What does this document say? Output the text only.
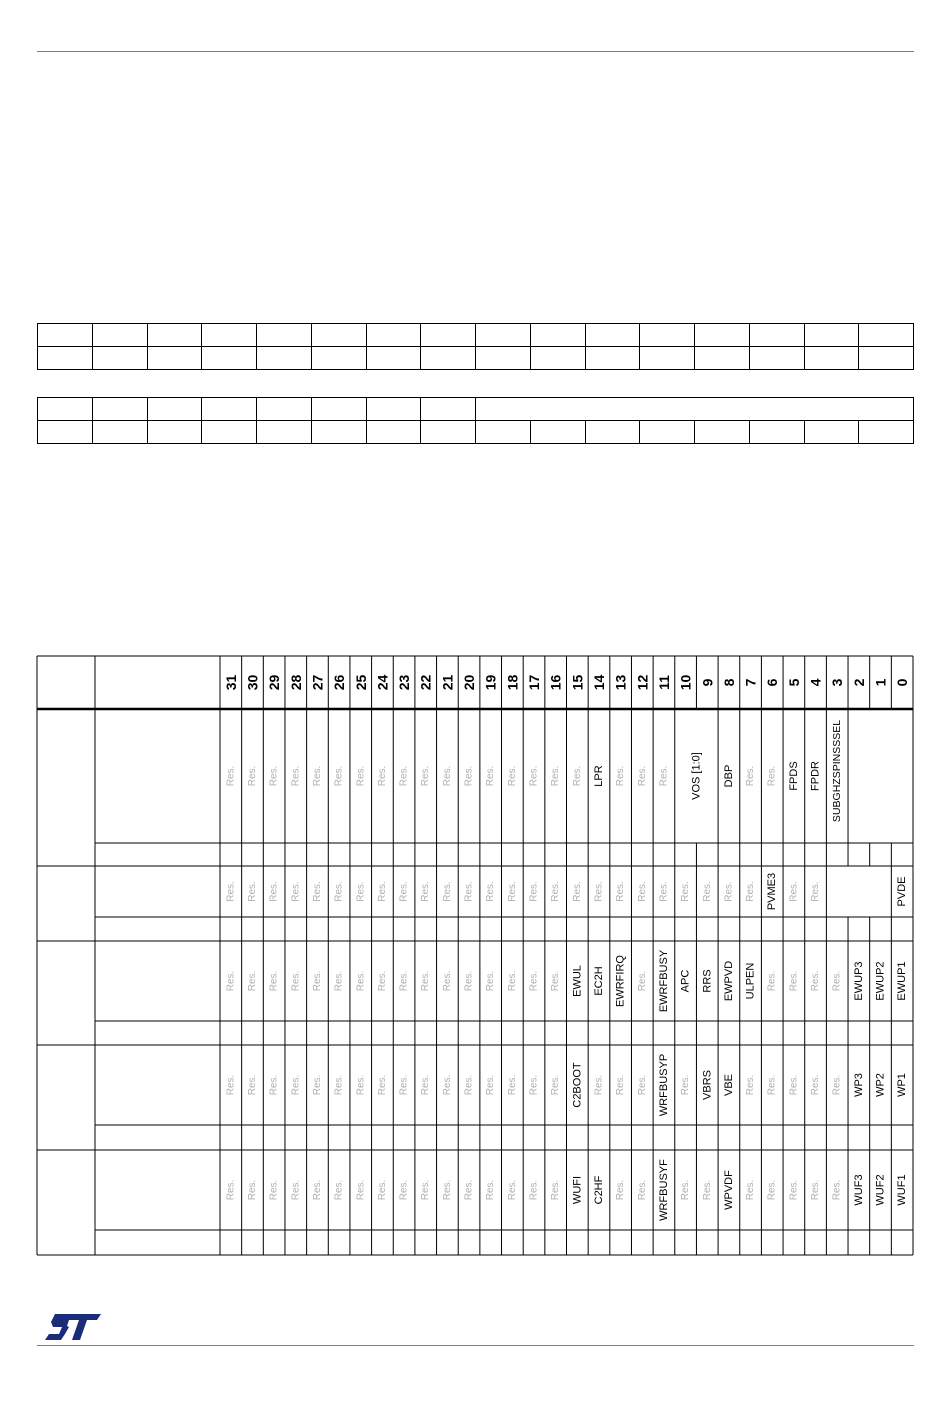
31 30 29 28 27 26 25 24 23 22 21 20 19 18 17 16 15 14 13 12 11 10 9 8 7 6 5 4 3 2 1 0
Res. Res. Res. Res. Res. Res. Res. Res. Res. Res. Res. Res. Res. Res. Res. Res. Res. LPR Res. Res. Res. VOS [1:0] DBP Res. Res. FPDS FPDR SUBGHZSPINSSSEL
Res. Res. Res. Res. Res. Res. Res. Res. Res. Res. Res. Res. Res. Res. Res. Res. Res. Res. Res. Res. Res. Res. Res. Res. Res. PVME3 Res. Res.	PVDE
Res. Res. Res. Res. Res. Res. Res. Res. Res. Res. Res. Res. Res. Res. Res. Res. EWUL EC2H EWRFIRQ Res. EWRFBUSY APC RRS EWPVD ULPEN Res. Res. Res. Res. EWUP3 EWUP2 EWUP1
Res. Res. Res. Res. Res. Res. Res. Res. Res. Res. Res. Res. Res. Res. Res. Res. C2BOOT Res. Res. Res. WRFBUSYP Res. VBRS VBE Res. Res. Res. Res. Res. WP3 WP2 WP1
Res. Res. Res. Res. Res. Res. Res. Res. Res. Res. Res. Res. Res. Res. Res. Res. WUFI C2HF Res. Res. WRFBUSYF Res. Res. WPVDF Res. Res. Res. Res. Res. WUF3 WUF2 WUF1
